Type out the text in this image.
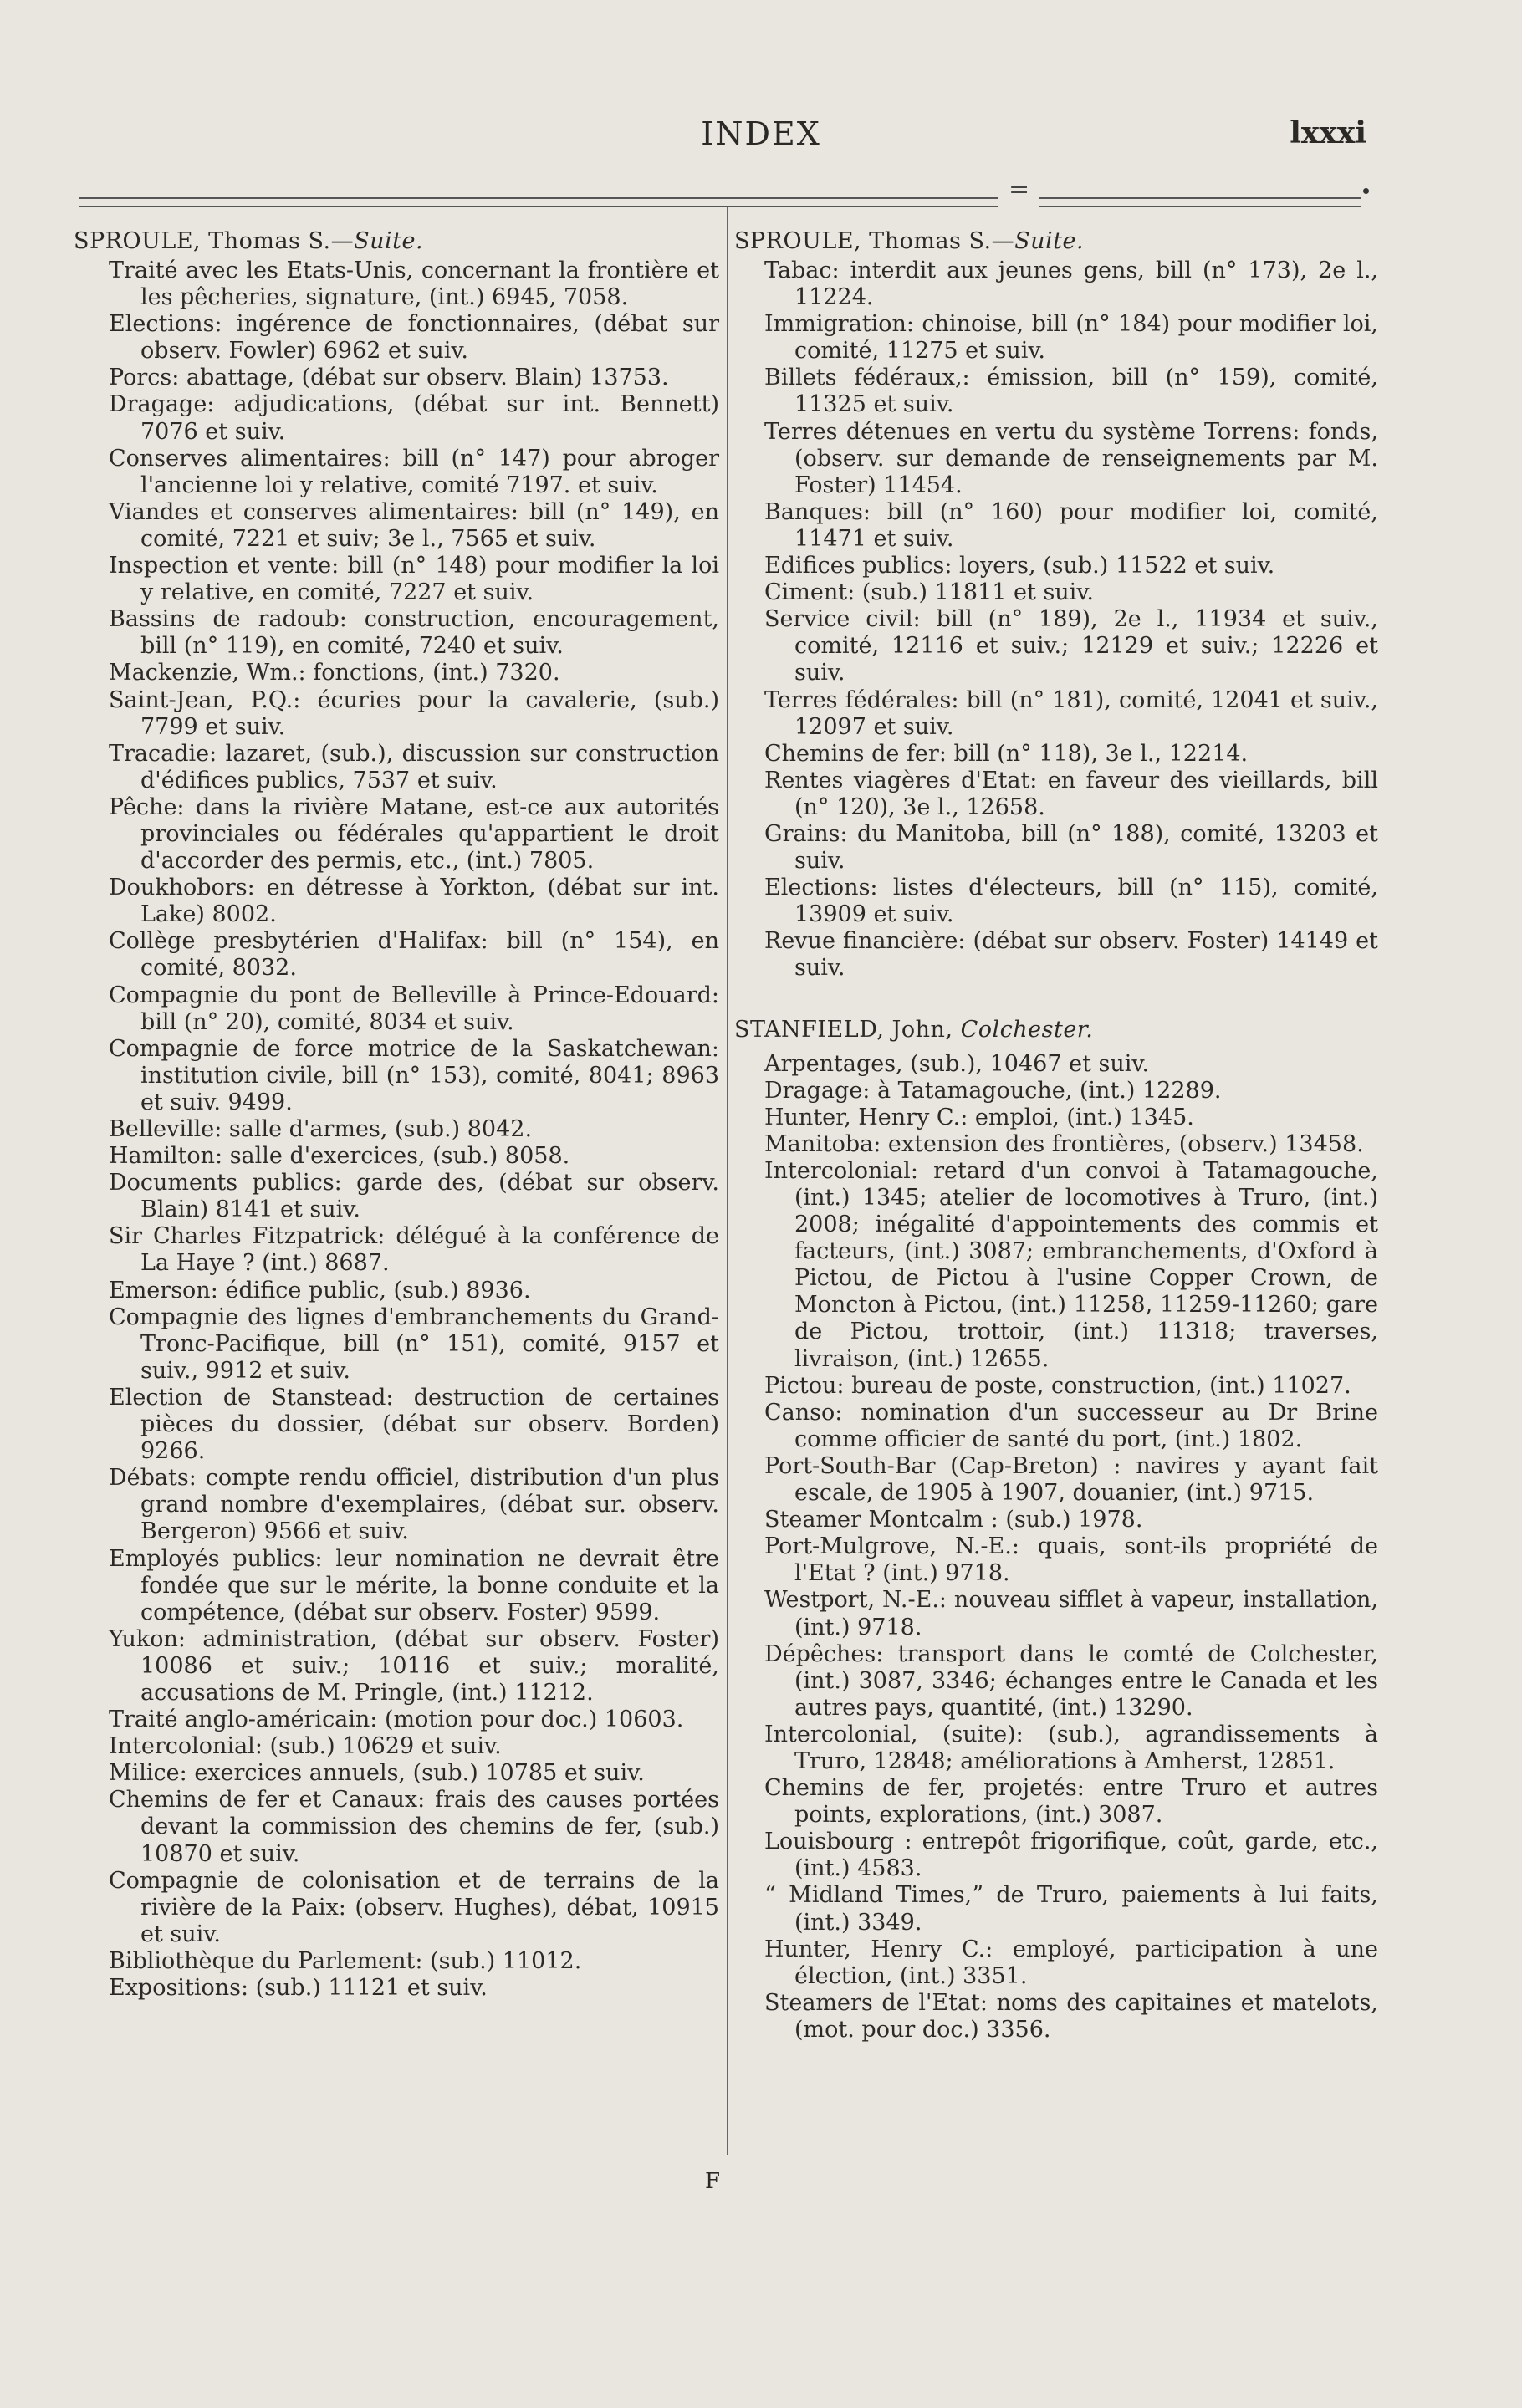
INDEX	lxxxi
=
SPROULE, Thomas S.—Suite.

Traité avec les Etats-Unis, concernant la frontière et les pêcheries, signature, (int.) 6945, 7058.

Elections: ingérence de fonctionnaires, (débat sur observ. Fowler) 6962 et suiv.

Porcs: abattage, (débat sur observ. Blain) 13753.

Dragage: adjudications, (débat sur int. Bennett) 7076 et suiv.

Conserves alimentaires: bill (n° 147) pour abroger l'ancienne loi y relative, comité 7197. et suiv.

Viandes et conserves alimentaires: bill (n° 149), en comité, 7221 et suiv; 3e l., 7565 et suiv.

Inspection et vente: bill (n° 148) pour modifier la loi y relative, en comité, 7227 et suiv.

Bassins de radoub: construction, encouragement, bill (n° 119), en comité, 7240 et suiv.

Mackenzie, Wm.: fonctions, (int.) 7320.

Saint-Jean, P.Q.: écuries pour la cavalerie, (sub.) 7799 et suiv.

Tracadie: lazaret, (sub.), discussion sur construction d'édifices publics, 7537 et suiv.

Pêche: dans la rivière Matane, est-ce aux autorités provinciales ou fédérales qu'appartient le droit d'accorder des permis, etc., (int.) 7805.

Doukhobors: en détresse à Yorkton, (débat sur int. Lake) 8002.

Collège presbytérien d'Halifax: bill (n° 154), en comité, 8032.

Compagnie du pont de Belleville à Prince-Edouard: bill (n° 20), comité, 8034 et suiv.

Compagnie de force motrice de la Saskatchewan: institution civile, bill (n° 153), comité, 8041; 8963 et suiv. 9499.

Belleville: salle d'armes, (sub.) 8042.

Hamilton: salle d'exercices, (sub.) 8058.

Documents publics: garde des, (débat sur observ. Blain) 8141 et suiv.

Sir Charles Fitzpatrick: délégué à la conférence de La Haye ? (int.) 8687.

Emerson: édifice public, (sub.) 8936.

Compagnie des lignes d'embranchements du Grand-Tronc-Pacifique, bill (n° 151), comité, 9157 et suiv., 9912 et suiv.

Election de Stanstead: destruction de certaines pièces du dossier, (débat sur observ. Borden) 9266.

Débats: compte rendu officiel, distribution d'un plus grand nombre d'exemplaires, (débat sur. observ. Bergeron) 9566 et suiv.

Employés publics: leur nomination ne devrait être fondée que sur le mérite, la bonne conduite et la compétence, (débat sur observ. Foster) 9599.

Yukon: administration, (débat sur observ. Foster) 10086 et suiv.; 10116 et suiv.; moralité, accusations de M. Pringle, (int.) 11212.

Traité anglo-américain: (motion pour doc.) 10603.

Intercolonial: (sub.) 10629 et suiv.

Milice: exercices annuels, (sub.) 10785 et suiv.

Chemins de fer et Canaux: frais des causes portées devant la commission des chemins de fer, (sub.) 10870 et suiv.

Compagnie de colonisation et de terrains de la rivière de la Paix: (observ. Hughes), débat, 10915 et suiv.

Bibliothèque du Parlement: (sub.) 11012.

Expositions: (sub.) 11121 et suiv.

SPROULE, Thomas S.—Suite.

Tabac: interdit aux jeunes gens, bill (n° 173), 2e l., 11224.

Immigration: chinoise, bill (n° 184) pour modifier loi, comité, 11275 et suiv.

Billets fédéraux,: émission, bill (n° 159), comité, 11325 et suiv.

Terres détenues en vertu du système Torrens: fonds, (observ. sur demande de renseignements par M. Foster) 11454.

Banques: bill (n° 160) pour modifier loi, comité, 11471 et suiv.

Edifices publics: loyers, (sub.) 11522 et suiv.

Ciment: (sub.) 11811 et suiv.

Service civil: bill (n° 189), 2e l., 11934 et suiv., comité, 12116 et suiv.; 12129 et suiv.; 12226 et suiv.

Terres fédérales: bill (n° 181), comité, 12041 et suiv., 12097 et suiv.

Chemins de fer: bill (n° 118), 3e l., 12214.

Rentes viagères d'Etat: en faveur des vieillards, bill (n° 120), 3e l., 12658.

Grains: du Manitoba, bill (n° 188), comité, 13203 et suiv.

Elections: listes d'électeurs, bill (n° 115), comité, 13909 et suiv.

Revue financière: (débat sur observ. Foster) 14149 et suiv.

STANFIELD, John, Colchester.

Arpentages, (sub.), 10467 et suiv.

Dragage: à Tatamagouche, (int.) 12289.

Hunter, Henry C.: emploi, (int.) 1345.

Manitoba: extension des frontières, (observ.) 13458.

Intercolonial: retard d'un convoi à Tatamagouche, (int.) 1345; atelier de locomotives à Truro, (int.) 2008; inégalité d'appointements des commis et facteurs, (int.) 3087; embranchements, d'Oxford à Pictou, de Pictou à l'usine Copper Crown, de Moncton à Pictou, (int.) 11258, 11259-11260; gare de Pictou, trottoir, (int.) 11318; traverses, livraison, (int.) 12655.

Pictou: bureau de poste, construction, (int.) 11027.

Canso: nomination d'un successeur au Dr Brine comme officier de santé du port, (int.) 1802.

Port-South-Bar (Cap-Breton) : navires y ayant fait escale, de 1905 à 1907, douanier, (int.) 9715.

Steamer Montcalm : (sub.) 1978.

Port-Mulgrove, N.-E.: quais, sont-ils propriété de l'Etat ? (int.) 9718.

Westport, N.-E.: nouveau sifflet à vapeur, installation, (int.) 9718.

Dépêches: transport dans le comté de Colchester, (int.) 3087, 3346; échanges entre le Canada et les autres pays, quantité, (int.) 13290.

Intercolonial, (suite): (sub.), agrandissements à Truro, 12848; améliorations à Amherst, 12851.

Chemins de fer, projetés: entre Truro et autres points, explorations, (int.) 3087.

Louisbourg : entrepôt frigorifique, coût, garde, etc., (int.) 4583.

“ Midland Times,” de Truro, paiements à lui faits, (int.) 3349.

Hunter, Henry C.: employé, participation à une élection, (int.) 3351.

Steamers de l'Etat: noms des capitaines et matelots, (mot. pour doc.) 3356.

F
